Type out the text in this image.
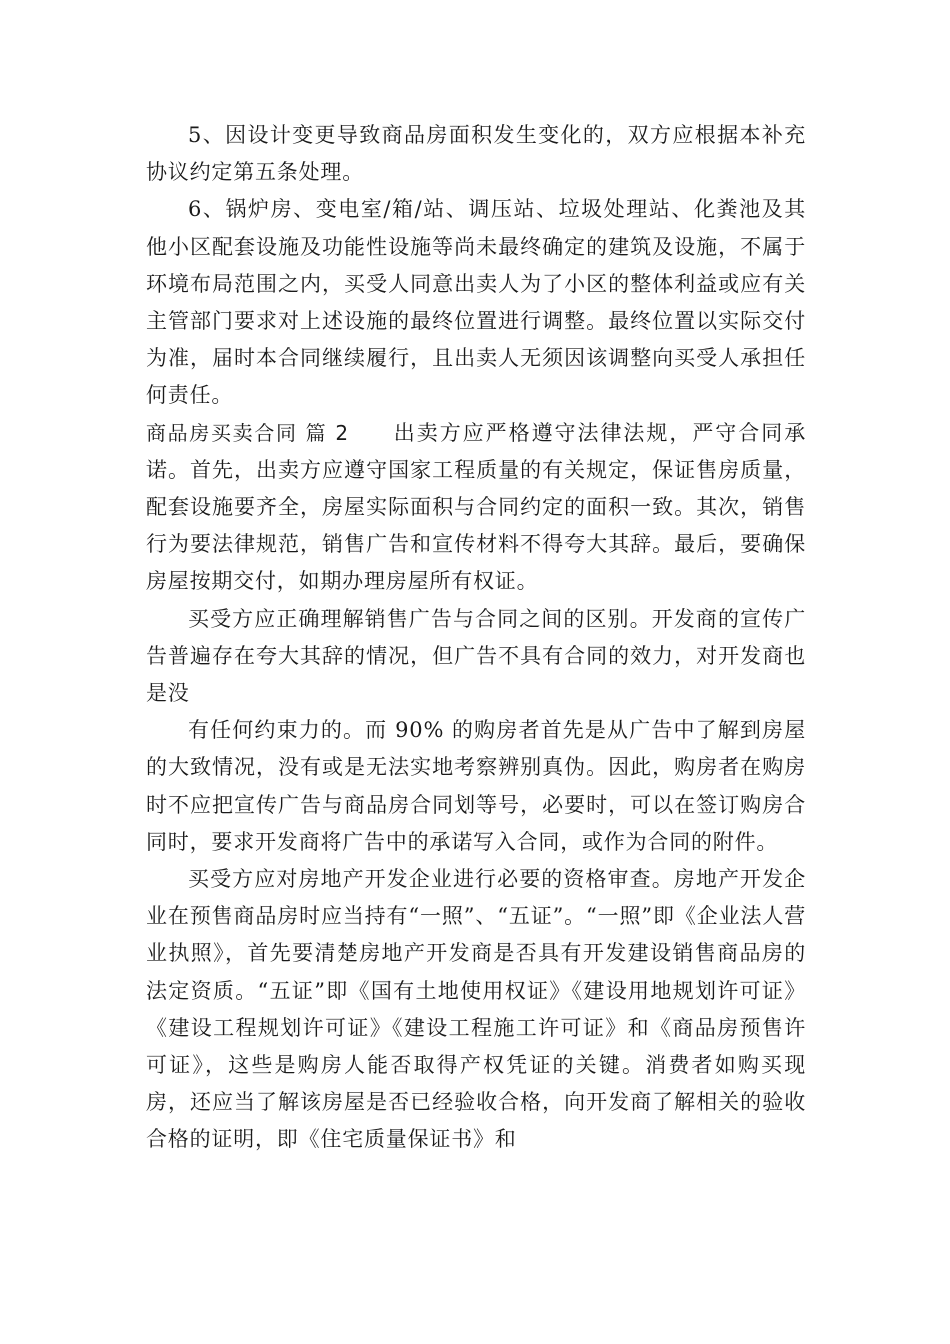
5、因设计变更导致商品房面积发生变化的，双方应根据本补充协议约定第五条处理。

6、锅炉房、变电室/箱/站、调压站、垃圾处理站、化粪池及其他小区配套设施及功能性设施等尚未最终确定的建筑及设施，不属于环境布局范围之内，买受人同意出卖人为了小区的整体利益或应有关主管部门要求对上述设施的最终位置进行调整。最终位置以实际交付为准，届时本合同继续履行，且出卖人无须因该调整向买受人承担任何责任。

商品房买卖合同 篇 2 出卖方应严格遵守法律法规，严守合同承诺。首先，出卖方应遵守国家工程质量的有关规定，保证售房质量，配套设施要齐全，房屋实际面积与合同约定的面积一致。其次，销售行为要法律规范，销售广告和宣传材料不得夸大其辞。最后，要确保房屋按期交付，如期办理房屋所有权证。

买受方应正确理解销售广告与合同之间的区别。开发商的宣传广告普遍存在夸大其辞的情况，但广告不具有合同的效力，对开发商也是没

有任何约束力的。而 90% 的购房者首先是从广告中了解到房屋的大致情况，没有或是无法实地考察辨别真伪。因此，购房者在购房时不应把宣传广告与商品房合同划等号，必要时，可以在签订购房合同时，要求开发商将广告中的承诺写入合同，或作为合同的附件。

买受方应对房地产开发企业进行必要的资格审查。房地产开发企业在预售商品房时应当持有“一照”、“五证”。“一照”即《企业法人营业执照》，首先要清楚房地产开发商是否具有开发建设销售商品房的法定资质。“五证”即《国有土地使用权证》《建设用地规划许可证》《建设工程规划许可证》《建设工程施工许可证》和《商品房预售许可证》，这些是购房人能否取得产权凭证的关键。消费者如购买现房，还应当了解该房屋是否已经验收合格，向开发商了解相关的验收合格的证明，即《住宅质量保证书》和
